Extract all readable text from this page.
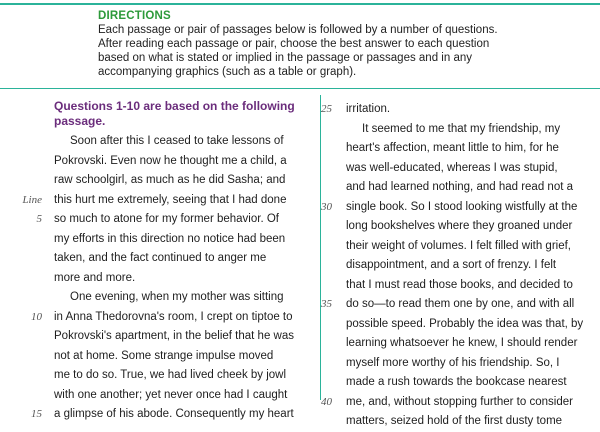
DIRECTIONS
Each passage or pair of passages below is followed by a number of questions.
After reading each passage or pair, choose the best answer to each question
based on what is stated or implied in the passage or passages and in any
accompanying graphics (such as a table or graph).
Questions 1-10 are based on the following
passage.
Soon after this I ceased to take lessons of
Pokrovski. Even now he thought me a child, a
raw schoolgirl, as much as he did Sasha; and
Line this hurt me extremely, seeing that I had done
5 so much to atone for my former behavior. Of
my efforts in this direction no notice had been
taken, and the fact continued to anger me
more and more.
One evening, when my mother was sitting
10 in Anna Thedorovna's room, I crept on tiptoe to
Pokrovski's apartment, in the belief that he was
not at home. Some strange impulse moved
me to do so. True, we had lived cheek by jowl
with one another; yet never once had I caught
15 a glimpse of his abode. Consequently my heart
25 irritation.
It seemed to me that my friendship, my
heart's affection, meant little to him, for he
was well-educated, whereas I was stupid,
and had learned nothing, and had read not a
30 single book. So I stood looking wistfully at the
long bookshelves where they groaned under
their weight of volumes. I felt filled with grief,
disappointment, and a sort of frenzy. I felt
that I must read those books, and decided to
35 do so—to read them one by one, and with all
possible speed. Probably the idea was that, by
learning whatsoever he knew, I should render
myself more worthy of his friendship. So, I
made a rush towards the bookcase nearest
40 me, and, without stopping further to consider
matters, seized hold of the first dusty tome
